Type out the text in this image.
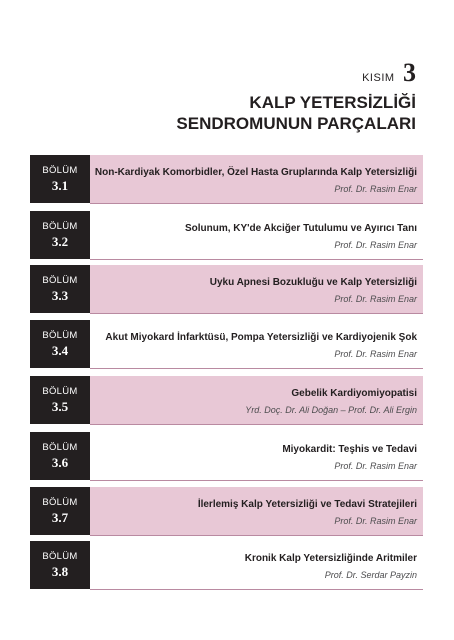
KISIM 3
KALP YETERSİZLİĞİ
SENDROMUNUN PARÇALARI
BÖLÜM
3.1
Non-Kardiyak Komorbidler, Özel Hasta Gruplarında Kalp Yetersizliği
Prof. Dr. Rasim Enar
BÖLÜM
3.2
Solunum, KY'de Akciğer Tutulumu ve Ayırıcı Tanı
Prof. Dr. Rasim Enar
BÖLÜM
3.3
Uyku Apnesi Bozukluğu ve Kalp Yetersizliği
Prof. Dr. Rasim Enar
BÖLÜM
3.4
Akut Miyokard İnfarktüsü, Pompa Yetersizliği ve Kardiyojenik Şok
Prof. Dr. Rasim Enar
BÖLÜM
3.5
Gebelik Kardiyomiyopatisi
Yrd. Doç. Dr. Ali Doğan – Prof. Dr. Ali Ergin
BÖLÜM
3.6
Miyokardit: Teşhis ve Tedavi
Prof. Dr. Rasim Enar
BÖLÜM
3.7
İlerlemiş Kalp Yetersizliği ve Tedavi Stratejileri
Prof. Dr. Rasim Enar
BÖLÜM
3.8
Kronik Kalp Yetersizliğinde Aritmiler
Prof. Dr. Serdar Payzin
